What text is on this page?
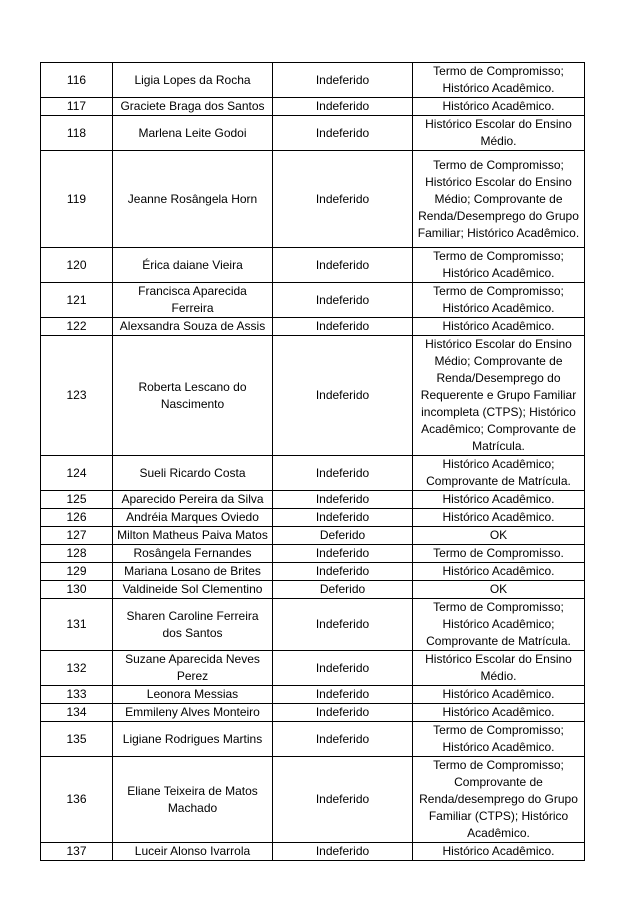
116	Ligia Lopes da Rocha	Indeferido	Termo de Compromisso; Histórico Acadêmico.
117	Graciete Braga dos Santos	Indeferido	Histórico Acadêmico.
118	Marlena Leite Godoi	Indeferido	Histórico Escolar do Ensino Médio.
119	Jeanne Rosângela Horn	Indeferido	Termo de Compromisso; Histórico Escolar do Ensino Médio; Comprovante de Renda/Desemprego do Grupo Familiar; Histórico Acadêmico.
120	Érica daiane Vieira	Indeferido	Termo de Compromisso; Histórico Acadêmico.
121	Francisca Aparecida Ferreira	Indeferido	Termo de Compromisso; Histórico Acadêmico.
122	Alexsandra Souza de Assis	Indeferido	Histórico Acadêmico.
123	Roberta Lescano do Nascimento	Indeferido	Histórico Escolar do Ensino Médio; Comprovante de Renda/Desemprego do Requerente e Grupo Familiar incompleta (CTPS); Histórico Acadêmico; Comprovante de Matrícula.
124	Sueli Ricardo Costa	Indeferido	Histórico Acadêmico; Comprovante de Matrícula.
125	Aparecido Pereira da Silva	Indeferido	Histórico Acadêmico.
126	Andréia Marques Oviedo	Indeferido	Histórico Acadêmico.
127	Milton Matheus Paiva Matos	Deferido	OK
128	Rosângela Fernandes	Indeferido	Termo de Compromisso.
129	Mariana Losano de Brites	Indeferido	Histórico Acadêmico.
130	Valdineide Sol Clementino	Deferido	OK
131	Sharen Caroline Ferreira dos Santos	Indeferido	Termo de Compromisso; Histórico Acadêmico; Comprovante de Matrícula.
132	Suzane Aparecida Neves Perez	Indeferido	Histórico Escolar do Ensino Médio.
133	Leonora Messias	Indeferido	Histórico Acadêmico.
134	Emmileny Alves Monteiro	Indeferido	Histórico Acadêmico.
135	Ligiane Rodrigues Martins	Indeferido	Termo de Compromisso; Histórico Acadêmico.
136	Eliane Teixeira de Matos Machado	Indeferido	Termo de Compromisso; Comprovante de Renda/desemprego do Grupo Familiar (CTPS); Histórico Acadêmico.
137	Luceir Alonso Ivarrola	Indeferido	Histórico Acadêmico.
